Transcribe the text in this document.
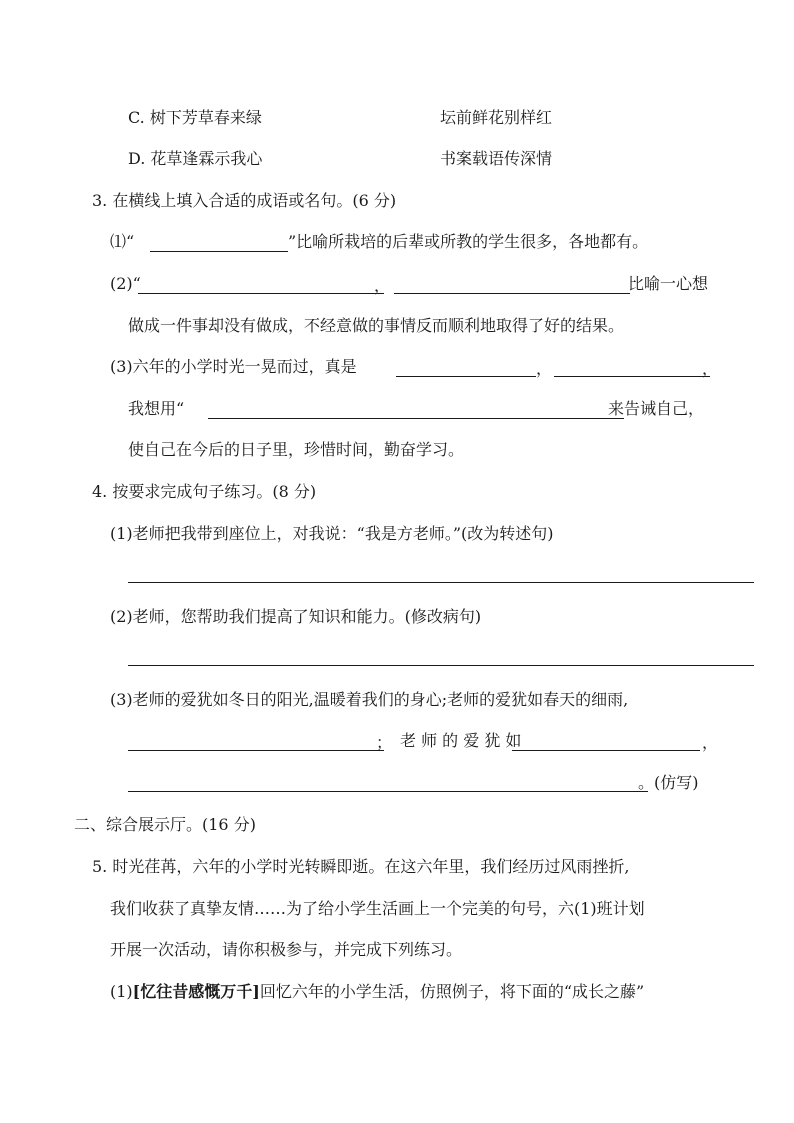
C. 树下芳草春来绿	坛前鲜花别样红
D. 花草逢霖示我心	书案载语传深情
3. 在横线上填入合适的成语或名句。(6 分)
⑴“	”比喻所栽培的后辈或所教的学生很多，各地都有。
(2)“	，	比喻一心想
做成一件事却没有做成，不经意做的事情反而顺利地取得了好的结果。
(3)六年的小学时光一晃而过，真是	，	，
我想用“	来告诫自己，
使自己在今后的日子里，珍惜时间，勤奋学习。
4. 按要求完成句子练习。(8 分)
(1)老师把我带到座位上，对我说：“我是方老师。”(改为转述句)
(2)老师，您帮助我们提高了知识和能力。(修改病句)
(3)老师的爱犹如冬日的阳光,温暖着我们的身心;老师的爱犹如春天的细雨,
； 老 师 的 爱 犹 如	，
。(仿写)
二、综合展示厅。(16 分)
5. 时光荏苒，六年的小学时光转瞬即逝。在这六年里，我们经历过风雨挫折,
我们收获了真挚友情……为了给小学生活画上一个完美的句号，六(1)班计划
开展一次活动，请你积极参与，并完成下列练习。
(1)[忆往昔感慨万千]回忆六年的小学生活，仿照例子，将下面的“成长之藤”
